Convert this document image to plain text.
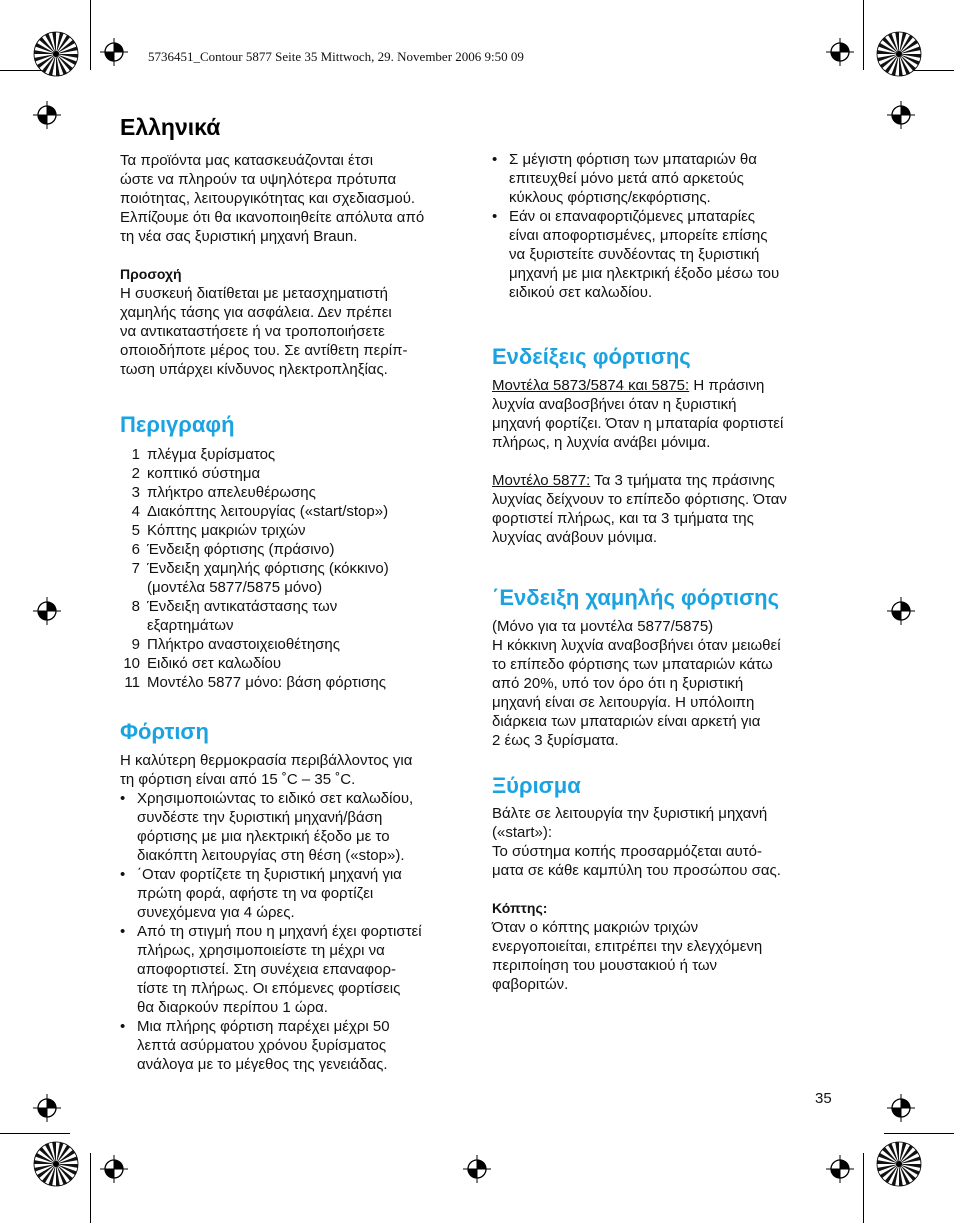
5736451_Contour 5877 Seite 35 Mittwoch, 29. November 2006 9:50 09
Ελληνικά

Τα προϊόντα μας κατασκευάζονται έτσι

ώστε να πληρούν τα υψηλότερα πρότυπα

ποιότητας, λειτουργικότητας και σχεδιασμού.

Ελπίζουμε ότι θα ικανοποιηθείτε απόλυτα από

τη νέα σας ξυριστική μηχανή Braun.

Προσοχή

Η συσκευή διατίθεται με μετασχηματιστή

χαμηλής τάσης για ασφάλεια. Δεν πρέπει

να αντικαταστήσετε ή να τροποποιήσετε

οποιοδήποτε μέρος του. Σε αντίθετη περίπ-

τωση υπάρχει κίνδυνος ηλεκτροπληξίας.

Περιγραφή
1 πλέγμα ξυρίσματος
2 κοπτικό σύστημα
3 πλήκτρο απελευθέρωσης
4 Διακόπτης λειτουργίας («start/stop»)
5 Κόπτης μακριών τριχών
6 Ένδειξη φόρτισης (πράσινο)
7 Ένδειξη χαμηλής φόρτισης (κόκκινο)
(μοντέλα 5877/5875 μόνο)
8 Ένδειξη αντικατάστασης των
εξαρτημάτων
9 Πλήκτρο αναστοιχειοθέτησης
10 Ειδικό σετ καλωδίου
11 Μοντέλο 5877 μόνο: βάση φόρτισης
Φόρτιση

Η καλύτερη θερμοκρασία περιβάλλοντος για

τη φόρτιση είναι από 15 ˚C – 35 ˚C.

• Χρησιμοποιώντας το ειδικό σετ καλωδίου,
συνδέστε την ξυριστική μηχανή/βάση
φόρτισης με μια ηλεκτρική έξοδο με το
διακόπτη λειτουργίας στη θέση («stop»).
• ΄Οταν φορτίζετε τη ξυριστική μηχανή για
πρώτη φορά, αφήστε τη να φορτίζει
συνεχόμενα για 4 ώρες.
• Από τη στιγμή που η μηχανή έχει φορτιστεί
πλήρως, χρησιμοποιείστε τη μέχρι να
αποφορτιστεί. Στη συνέχεια επαναφορ-
τίστε τη πλήρως. Οι επόμενες φορτίσεις
θα διαρκούν περίπου 1 ώρα.
• Μια πλήρης φόρτιση παρέχει μέχρι 50
λεπτά ασύρματου χρόνου ξυρίσματος
ανάλογα με το μέγεθος της γενειάδας.
• Σ μέγιστη φόρτιση των μπαταριών θα
επιτευχθεί μόνο μετά από αρκετούς
κύκλους φόρτισης/εκφόρτισης.
• Εάν οι επαναφορτιζόμενες μπαταρίες
είναι αποφορτισμένες, μπορείτε επίσης
να ξυριστείτε συνδέοντας τη ξυριστική
μηχανή με μια ηλεκτρική έξοδο μέσω του
ειδικού σετ καλωδίου.
Ενδείξεις φόρτισης

Μοντέλα 5873/5874 και 5875: Η πράσινη

λυχνία αναβοσβήνει όταν η ξυριστική

μηχανή φορτίζει. Όταν η μπαταρία φορτιστεί

πλήρως, η λυχνία ανάβει μόνιμα.

Μοντέλο 5877: Τα 3 τμήματα της πράσινης

λυχνίας δείχνουν το επίπεδο φόρτισης. Όταν

φορτιστεί πλήρως, και τα 3 τμήματα της

λυχνίας ανάβουν μόνιμα.

΄Ενδειξη χαμηλής φόρτισης

(Μόνο για τα μοντέλα 5877/5875)

Η κόκκινη λυχνία αναβοσβήνει όταν μειωθεί

το επίπεδο φόρτισης των μπαταριών κάτω

από 20%, υπό τον όρο ότι η ξυριστική

μηχανή είναι σε λειτουργία. Η υπόλοιπη

διάρκεια των μπαταριών είναι αρκετή για

2 έως 3 ξυρίσματα.

Ξύρισμα

Βάλτε σε λειτουργία την ξυριστική μηχανή

(«start»):

Το σύστημα κοπής προσαρμόζεται αυτό-

ματα σε κάθε καμπύλη του προσώπου σας.

Κόπτης:

Όταν ο κόπτης μακριών τριχών

ενεργοποιείται, επιτρέπει την ελεγχόμενη

περιποίηση του μουστακιού ή των

φαβοριτών.

35
